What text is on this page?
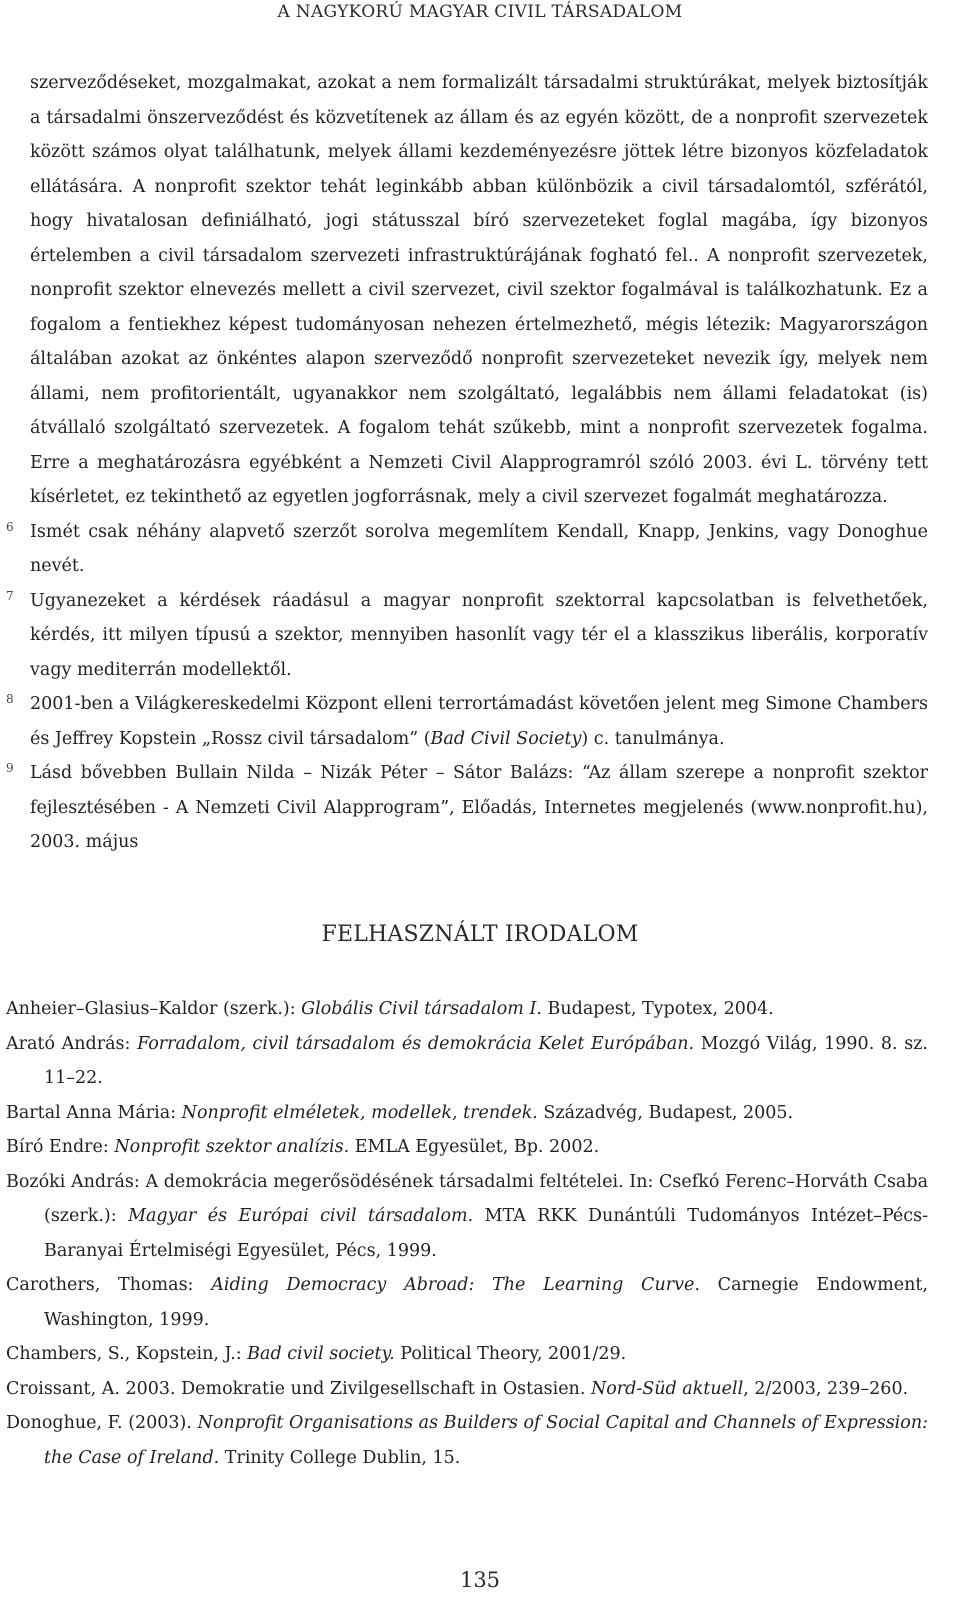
A NAGYKORÚ MAGYAR CIVIL TÁRSADALOM

szerveződéseket, mozgalmakat, azokat a nem formalizált társadalmi struktúrákat, melyek biztosítják a társadalmi önszerveződést és közvetítenek az állam és az egyén között, de a nonprofit szervezetek között számos olyat találhatunk, melyek állami kezdeményezésre jöttek létre bizonyos közfeladatok ellátására. A nonprofit szektor tehát leginkább abban különbözik a civil társadalomtól, szférától, hogy hivatalosan definiálható, jogi státusszal bíró szervezeteket foglal magába, így bizonyos értelemben a civil társadalom szervezeti infrastruktúrájának fogható fel.. A nonprofit szervezetek, nonprofit szektor elnevezés mellett a civil szervezet, civil szektor fogalmával is találkozhatunk. Ez a fogalom a fentiekhez képest tudományosan nehezen értelmezhető, mégis létezik: Magyarországon általában azokat az önkéntes alapon szerveződő nonprofit szervezeteket nevezik így, melyek nem állami, nem profitorientált, ugyanakkor nem szolgáltató, legalábbis nem állami feladatokat (is) átvállaló szolgáltató szervezetek. A fogalom tehát szűkebb, mint a nonprofit szervezetek fogalma. Erre a meghatározásra egyébként a Nemzeti Civil Alapprogramról szóló 2003. évi L. törvény tett kísérletet, ez tekinthető az egyetlen jogforrásnak, mely a civil szervezet fogalmát meghatározza.

6 Ismét csak néhány alapvető szerzőt sorolva megemlítem Kendall, Knapp, Jenkins, vagy Donoghue nevét.

7 Ugyanezeket a kérdések ráadásul a magyar nonprofit szektorral kapcsolatban is felvethetőek, kérdés, itt milyen típusú a szektor, mennyiben hasonlít vagy tér el a klasszikus liberális, korporatív vagy mediterrán modellektől.

8 2001-ben a Világkereskedelmi Központ elleni terrortámadást követően jelent meg Simone Chambers és Jeffrey Kopstein „Rossz civil társadalom” (Bad Civil Society) c. tanulmánya.

9 Lásd bővebben Bullain Nilda – Nizák Péter – Sátor Balázs: “Az állam szerepe a nonprofit szektor fejlesztésében - A Nemzeti Civil Alapprogram”, Előadás, Internetes megjelenés (www.nonprofit.hu), 2003. május

FELHASZNÁLT IRODALOM
Anheier–Glasius–Kaldor (szerk.): Globális Civil társadalom I. Budapest, Typotex, 2004.
Arató András: Forradalom, civil társadalom és demokrácia Kelet Európában. Mozgó Világ, 1990. 8. sz. 11–22.
Bartal Anna Mária: Nonprofit elméletek, modellek, trendek. Századvég, Budapest, 2005.
Bíró Endre: Nonprofit szektor analízis. EMLA Egyesület, Bp. 2002.
Bozóki András: A demokrácia megerősödésének társadalmi feltételei. In: Csefkó Ferenc–Horváth Csaba (szerk.): Magyar és Európai civil társadalom. MTA RKK Dunántúli Tudományos Intézet–Pécs-Baranyai Értelmiségi Egyesület, Pécs, 1999.
Carothers, Thomas: Aiding Democracy Abroad: The Learning Curve. Carnegie Endowment, Washington, 1999.
Chambers, S., Kopstein, J.: Bad civil society. Political Theory, 2001/29.
Croissant, A. 2003. Demokratie und Zivilgesellschaft in Ostasien. Nord-Süd aktuell, 2/2003, 239–260.
Donoghue, F. (2003). Nonprofit Organisations as Builders of Social Capital and Channels of Expression: the Case of Ireland. Trinity College Dublin, 15.
135
